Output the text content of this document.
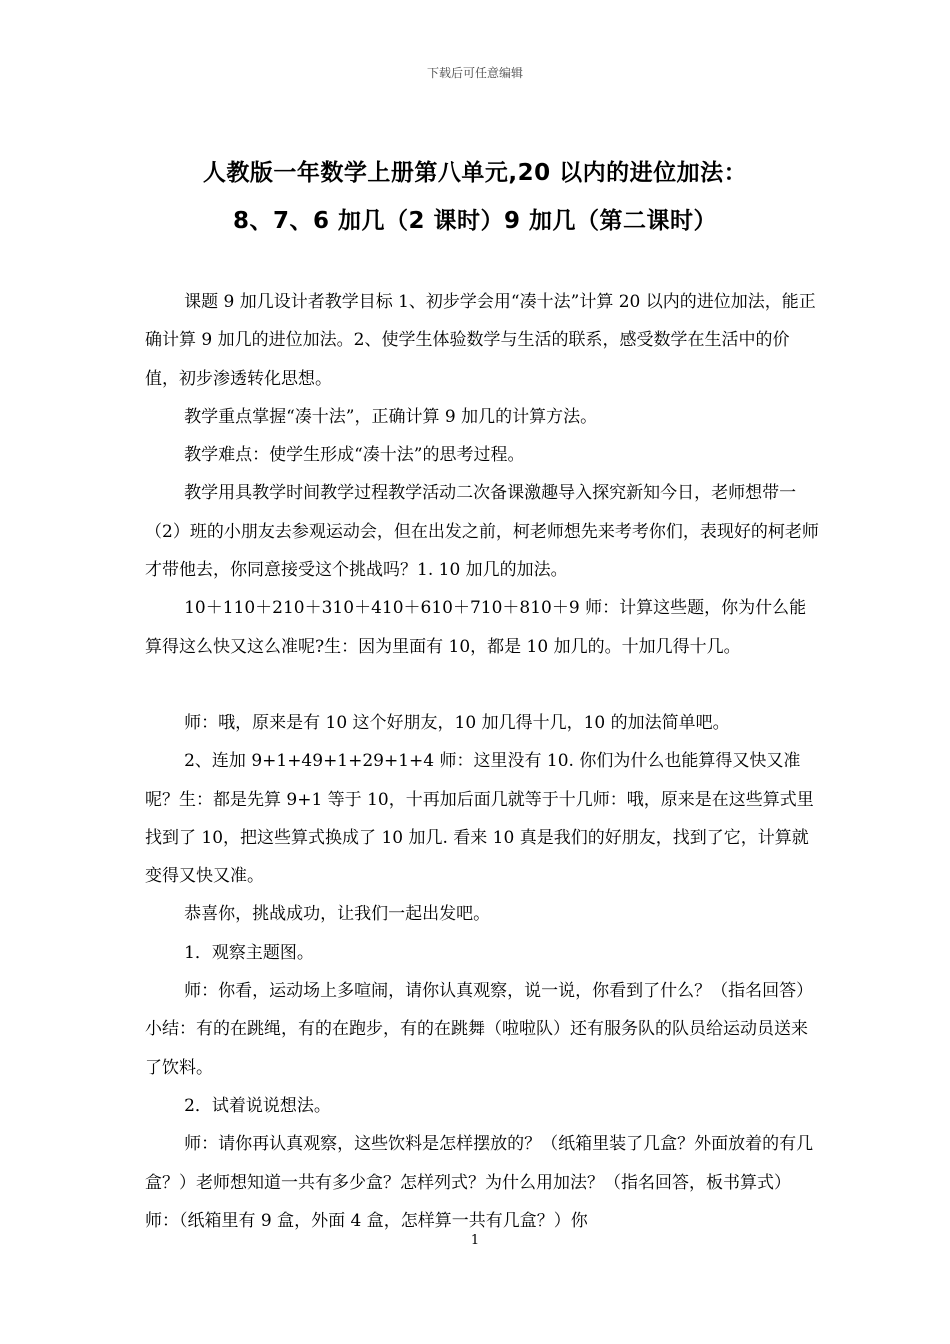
下载后可任意编辑
人教版一年数学上册第八单元,20 以内的进位加法：
8、7、6 加几（2 课时）9 加几（第二课时）

课题 9 加几设计者教学目标 1、初步学会用“凑十法”计算 20 以内的进位加法，能正确计算 9 加几的进位加法。2、使学生体验数学与生活的联系，感受数学在生活中的价值，初步渗透转化思想。

教学重点掌握“凑十法”，正确计算 9 加几的计算方法。

教学难点：使学生形成“凑十法”的思考过程。

教学用具教学时间教学过程教学活动二次备课激趣导入探究新知今日，老师想带一（2）班的小朋友去参观运动会，但在出发之前，柯老师想先来考考你们，表现好的柯老师才带他去，你同意接受这个挑战吗？1. 10 加几的加法。

10＋110＋210＋310＋410＋610＋710＋810＋9 师：计算这些题，你为什么能算得这么快又这么准呢?生：因为里面有 10，都是 10 加几的。十加几得十几。

师：哦，原来是有 10 这个好朋友，10 加几得十几，10 的加法简单吧。

2、连加 9+1+49+1+29+1+4 师：这里没有 10. 你们为什么也能算得又快又准呢？生：都是先算 9+1 等于 10，十再加后面几就等于十几师：哦，原来是在这些算式里找到了 10，把这些算式换成了 10 加几. 看来 10 真是我们的好朋友，找到了它，计算就变得又快又准。

恭喜你，挑战成功，让我们一起出发吧。

1．观察主题图。

师：你看，运动场上多喧闹，请你认真观察，说一说，你看到了什么？（指名回答）小结：有的在跳绳，有的在跑步，有的在跳舞（啦啦队）还有服务队的队员给运动员送来了饮料。

2．试着说说想法。

师：请你再认真观察，这些饮料是怎样摆放的？（纸箱里装了几盒？外面放着的有几盒？）老师想知道一共有多少盒？怎样列式？为什么用加法？（指名回答，板书算式）师：（纸箱里有 9 盒，外面 4 盒，怎样算一共有几盒？）你

1
